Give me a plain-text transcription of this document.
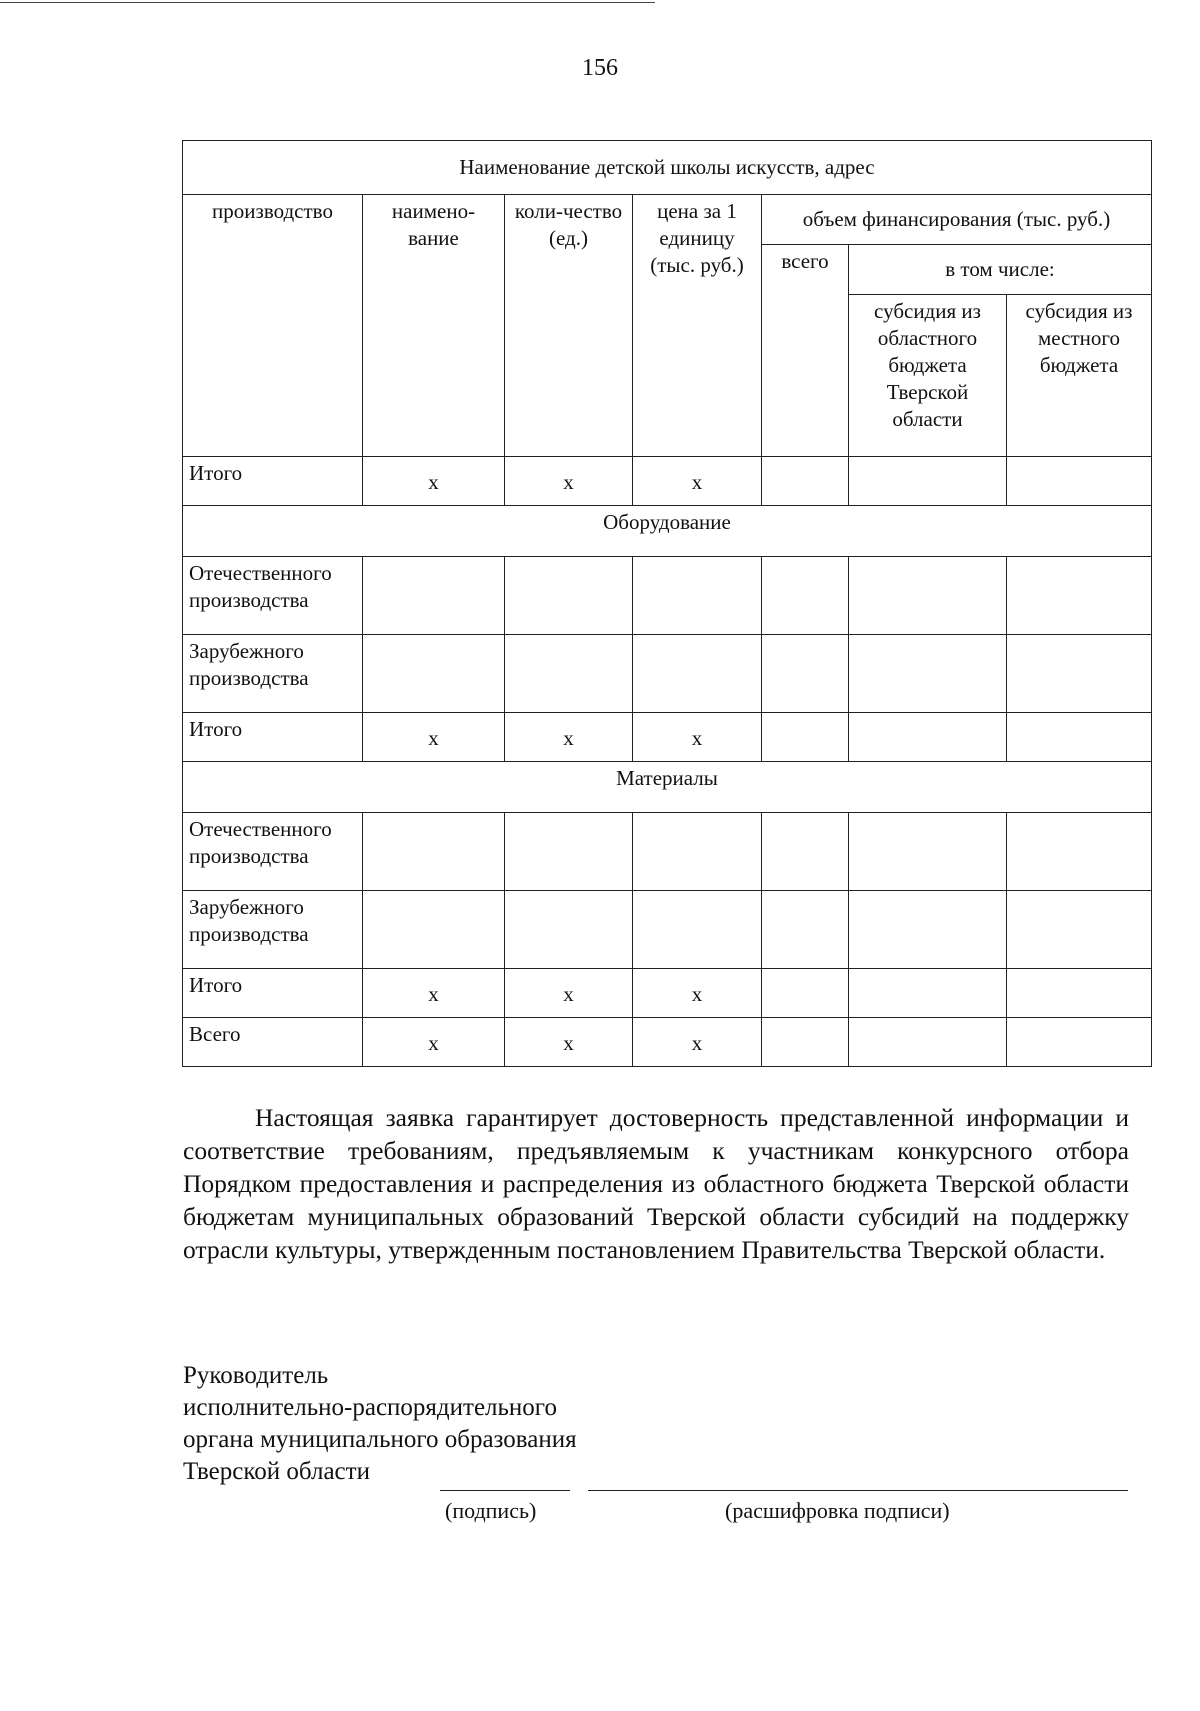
156
Наименование детской школы искусств, адрес						
производство	наимено-вание	коли-чество (ед.)	цена за 1 единицу (тыс. руб.)	объем финансирования (тыс. руб.)		
				всего	в том числе:	
					субсидия из областного бюджета Тверской области	субсидия из местного бюджета
Итого	х	х	х			
Оборудование						
Отечественного производства						
Зарубежного производства						
Итого	х	х	х			
Материалы						
Отечественного производства						
Зарубежного производства						
Итого	х	х	х			
Всего	х	х	х			

Настоящая заявка гарантирует достоверность представленной информации и соответствие требованиям, предъявляемым к участникам конкурсного отбора Порядком предоставления и распределения из областного бюджета Тверской области бюджетам муниципальных образований Тверской области субсидий на поддержку отрасли культуры, утвержденным постановлением Правительства Тверской области.

Руководитель
исполнительно-распорядительного
органа муниципального образования
Тверской области
(подпись)	(расшифровка подписи)
